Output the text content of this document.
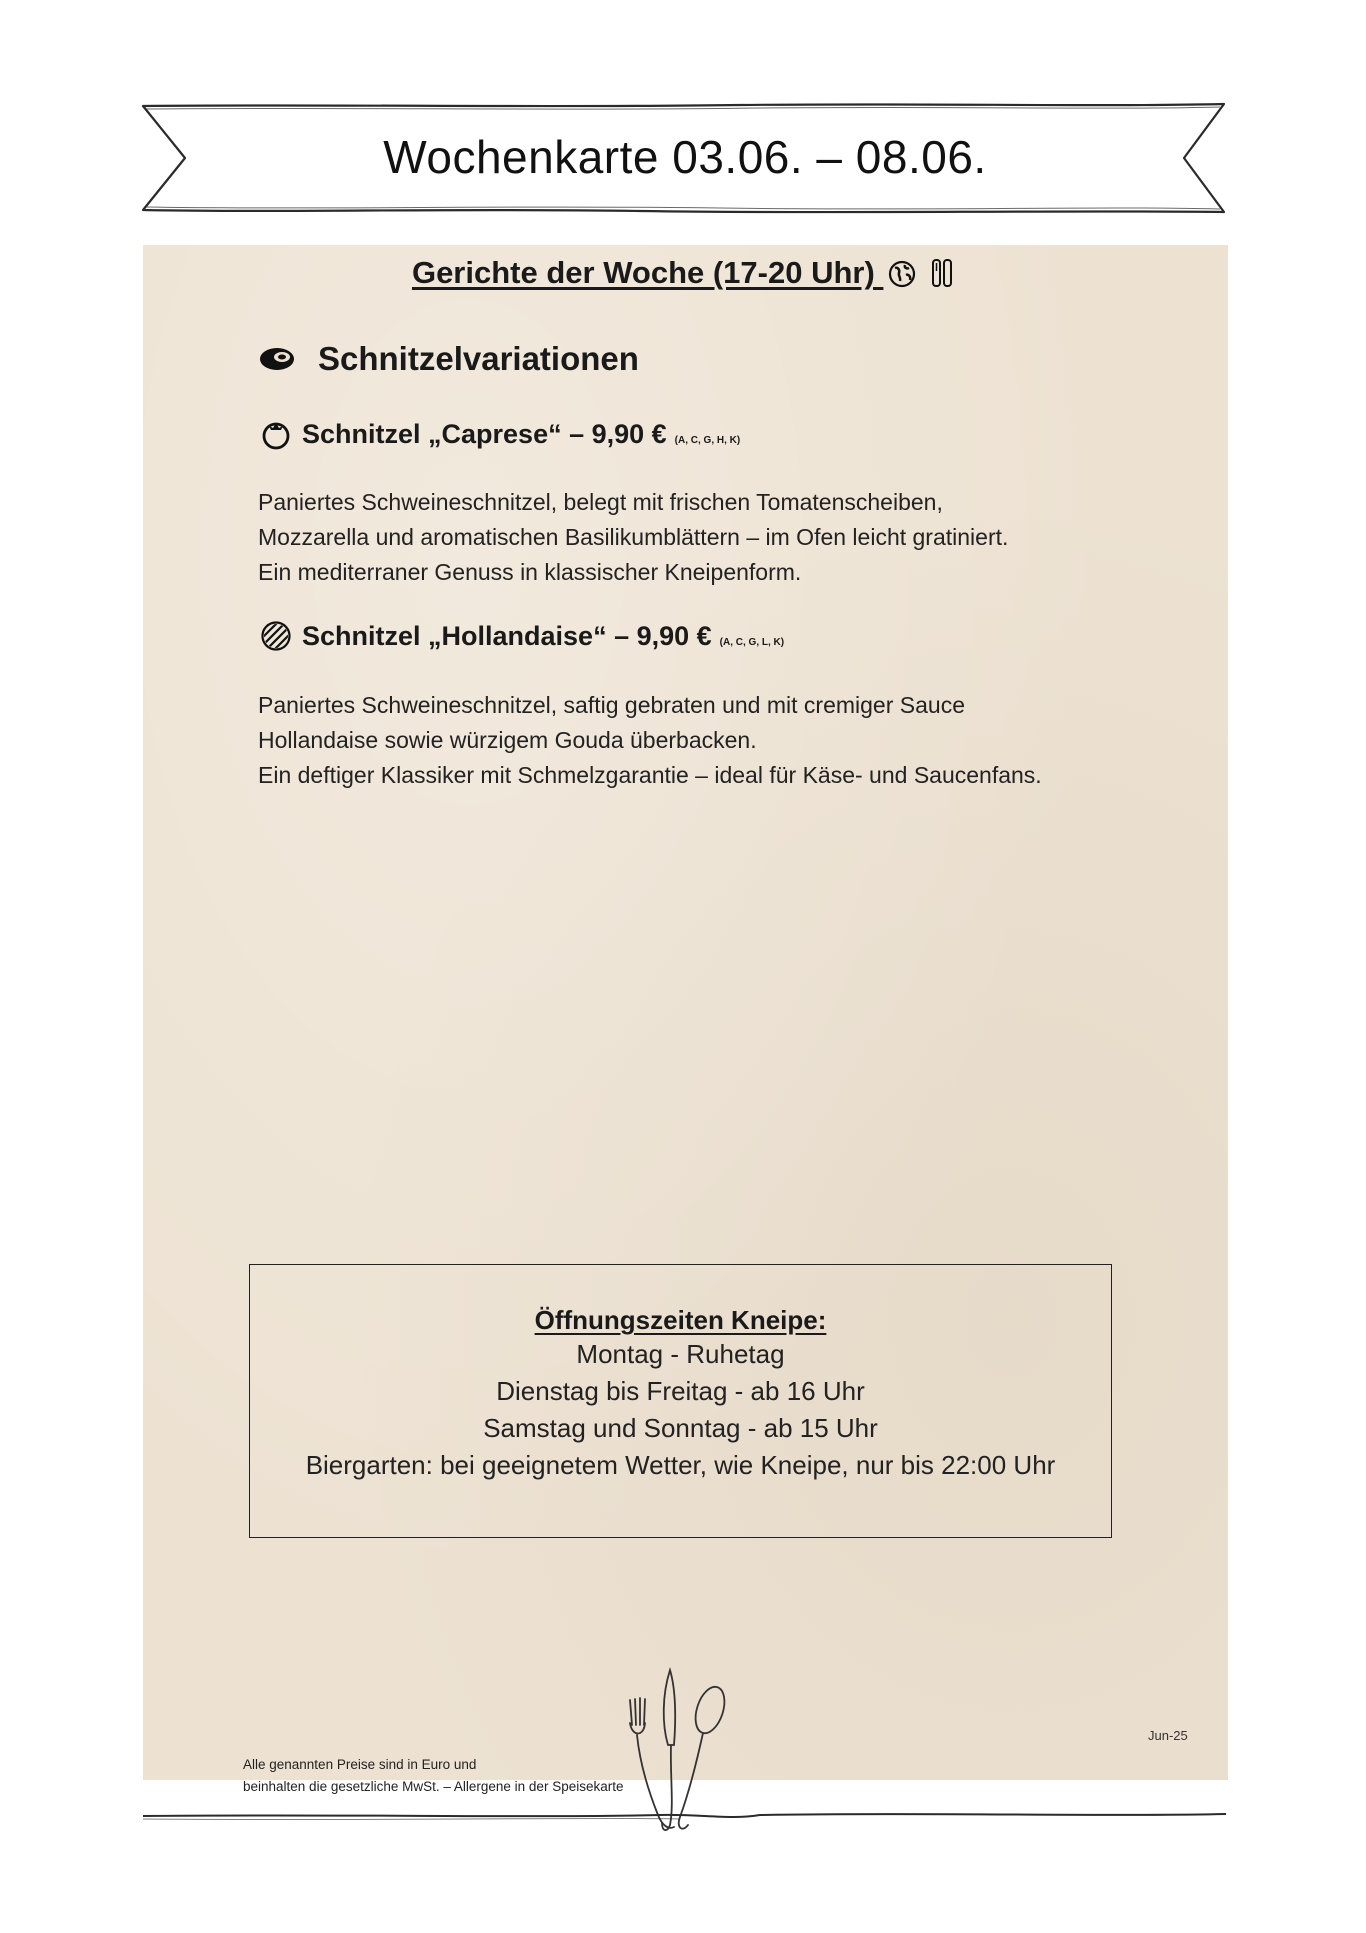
Wochenkarte 03.06. – 08.06.
Gerichte der Woche (17-20 Uhr)
Schnitzelvariationen
Schnitzel „Caprese“ – 9,90 € (A, C, G, H, K)
Paniertes Schweineschnitzel, belegt mit frischen Tomatenscheiben,
Mozzarella und aromatischen Basilikumblättern – im Ofen leicht gratiniert.
Ein mediterraner Genuss in klassischer Kneipenform.
Schnitzel „Hollandaise“ – 9,90 € (A, C, G, L, K)
Paniertes Schweineschnitzel, saftig gebraten und mit cremiger Sauce
Hollandaise sowie würzigem Gouda überbacken.
Ein deftiger Klassiker mit Schmelzgarantie – ideal für Käse- und Saucenfans.
Öffnungszeiten Kneipe:
Montag - Ruhetag
Dienstag bis Freitag - ab 16 Uhr
Samstag und Sonntag - ab 15 Uhr
Biergarten: bei geeignetem Wetter, wie Kneipe, nur bis 22:00 Uhr
Jun-25
Alle genannten Preise sind in Euro und
beinhalten die gesetzliche MwSt. – Allergene in der Speisekarte
